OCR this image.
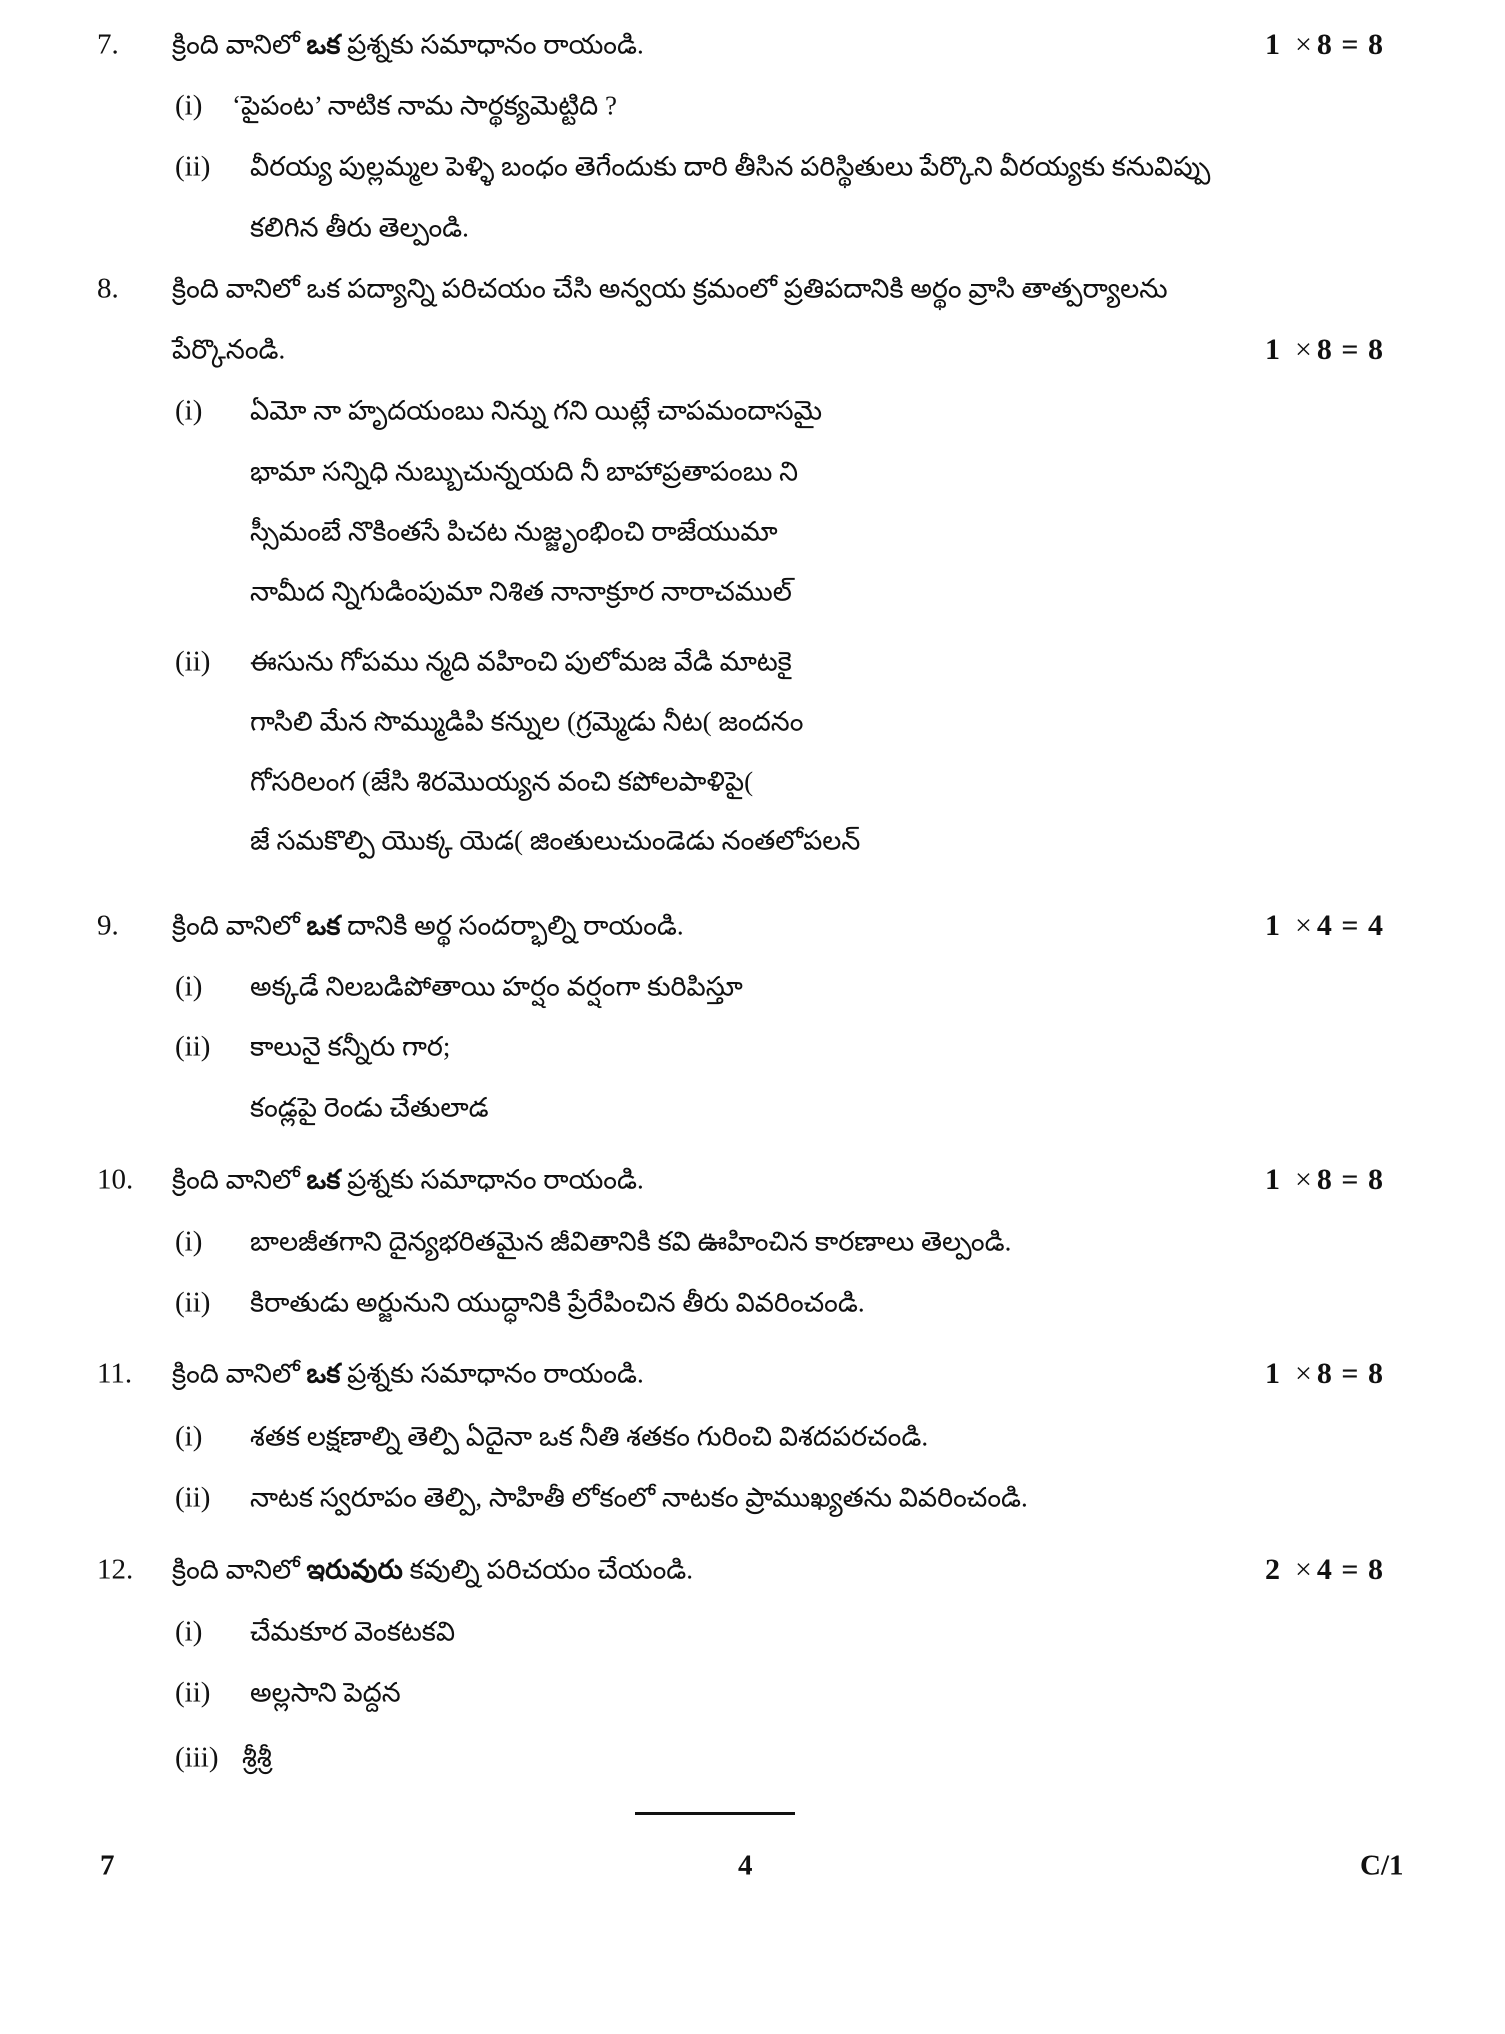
7. క్రింది వానిలో ఒక ప్రశ్నకు సమాధానం రాయండి.	1 × 8 = 8
(i) ‘పైపంట’ నాటిక నామ సార్థక్యమెట్టిది ?
(ii) వీరయ్య పుల్లమ్మల పెళ్ళి బంధం తెగేందుకు దారి తీసిన పరిస్థితులు పేర్కొని వీరయ్యకు కనువిప్పు
కలిగిన తీరు తెల్పండి.
8. క్రింది వానిలో ఒక పద్యాన్ని పరిచయం చేసి అన్వయ క్రమంలో ప్రతిపదానికి అర్థం వ్రాసి తాత్పర్యాలను
పేర్కొనండి.	1 × 8 = 8
(i) ఏమో నా హృదయంబు నిన్ను గని యిట్లే చాపమందాసమై
భామా సన్నిధి నుబ్బుచున్నయది నీ బాహాప్రతాపంబు ని
స్సీమంబే నొకింతసే పిచట నుజ్జృంభించి రాజేయుమా
నామీద న్నిగుడింపుమా నిశిత నానాక్రూర నారాచముల్
(ii) ఈసును గోపము న్మది వహించి పులోమజ వేడి మాటకై
గాసిలి మేన సొమ్ముడిపి కన్నుల (గ్రమ్మెడు నీట( జందనం
గోసరిలంగ (జేసి శిరమొయ్యన వంచి కపోలపాళిపై(
జే సమకొల్పి యొక్క యెడ( జింతులుచుండెడు నంతలోపలన్
9. క్రింది వానిలో ఒక దానికి అర్థ సందర్భాల్ని రాయండి.	1 × 4 = 4
(i) అక్కడే నిలబడిపోతాయి హర్షం వర్షంగా కురిపిస్తూ
(ii) కాలునై కన్నీరు గార;
కండ్లపై రెండు చేతులాడ
10. క్రింది వానిలో ఒక ప్రశ్నకు సమాధానం రాయండి.	1 × 8 = 8
(i) బాలజీతగాని దైన్యభరితమైన జీవితానికి కవి ఊహించిన కారణాలు తెల్పండి.
(ii) కిరాతుడు అర్జునుని యుద్ధానికి ప్రేరేపించిన తీరు వివరించండి.
11. క్రింది వానిలో ఒక ప్రశ్నకు సమాధానం రాయండి.	1 × 8 = 8
(i) శతక లక్షణాల్ని తెల్పి ఏదైనా ఒక నీతి శతకం గురించి విశదపరచండి.
(ii) నాటక స్వరూపం తెల్పి, సాహితీ లోకంలో నాటకం ప్రాముఖ్యతను వివరించండి.
12. క్రింది వానిలో ఇరువురు కవుల్ని పరిచయం చేయండి.	2 × 4 = 8
(i) చేమకూర వెంకటకవి
(ii) అల్లసాని పెద్దన
(iii) శ్రీశ్రీ
7	4	C/1
